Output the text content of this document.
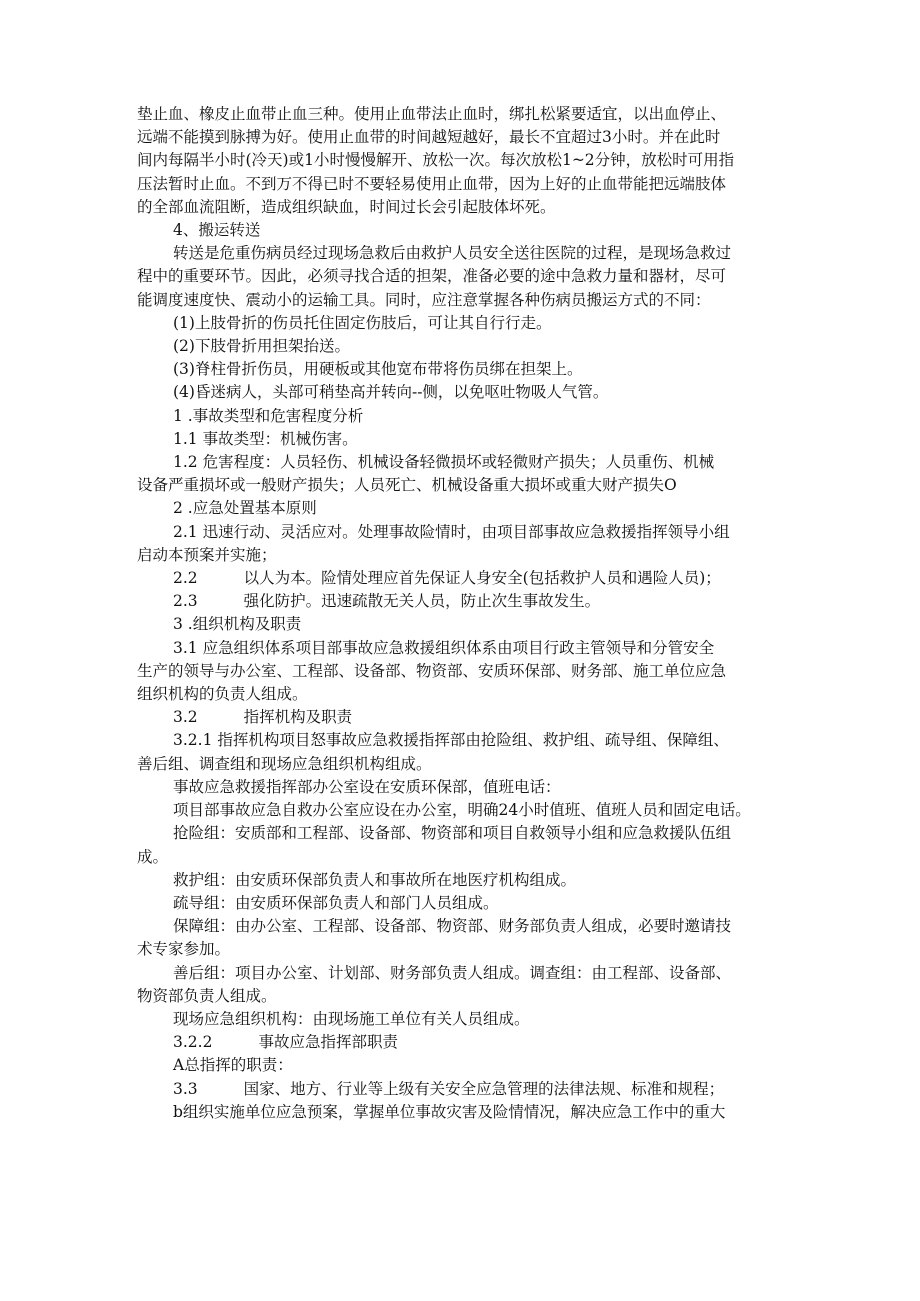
垫止血、橡皮止血带止血三种。使用止血带法止血时，绑扎松紧要适宜，以出血停止、

远端不能摸到脉搏为好。使用止血带的时间越短越好，最长不宜超过3小时。并在此时

间内每隔半小时(冷天)或1小时慢慢解开、放松一次。每次放松1~2分钟，放松时可用指

压法暂时止血。不到万不得已时不要轻易使用止血带，因为上好的止血带能把远端肢体

的全部血流阻断，造成组织缺血，时间过长会引起肢体坏死。

4、搬运转送

转送是危重伤病员经过现场急救后由救护人员安全送往医院的过程，是现场急救过

程中的重要环节。因此，必须寻找合适的担架，准备必要的途中急救力量和器材，尽可

能调度速度快、震动小的运输工具。同时，应注意掌握各种伤病员搬运方式的不同：

(1)上肢骨折的伤员托住固定伤肢后，可让其自行行走。

(2)下肢骨折用担架抬送。

(3)脊柱骨折伤员，用硬板或其他宽布带将伤员绑在担架上。

(4)昏迷病人，头部可稍垫高并转向--侧，以免呕吐物吸人气管。

1 .事故类型和危害程度分析

1.1 事故类型：机械伤害。

1.2 危害程度：人员轻伤、机械设备轻微损坏或轻微财产损失；人员重伤、机械

设备严重损坏或一般财产损失；人员死亡、机械设备重大损坏或重大财产损失O

2 .应急处置基本原则

2.1 迅速行动、灵活应对。处理事故险情时，由项目部事故应急救援指挥领导小组

启动本预案并实施；

2.2	以人为本。险情处理应首先保证人身安全(包括救护人员和遇险人员)；

2.3	强化防护。迅速疏散无关人员，防止次生事故发生。

3 .组织机构及职责

3.1 应急组织体系项目部事故应急救援组织体系由项目行政主管领导和分管安全

生产的领导与办公室、工程部、设备部、物资部、安质环保部、财务部、施工单位应急

组织机构的负责人组成。

3.2	指挥机构及职责

3.2.1 指挥机构项目怒事故应急救援指挥部由抢险组、救护组、疏导组、保障组、

善后组、调查组和现场应急组织机构组成。

事故应急救援指挥部办公室设在安质环保部，值班电话：

项目部事故应急自救办公室应设在办公室，明确24小时值班、值班人员和固定电话。

抢险组：安质部和工程部、设备部、物资部和项目自救领导小组和应急救援队伍组

成。

救护组：由安质环保部负责人和事故所在地医疗机构组成。

疏导组：由安质环保部负责人和部门人员组成。

保障组：由办公室、工程部、设备部、物资部、财务部负责人组成，必要时邀请技

术专家参加。

善后组：项目办公室、计划部、财务部负责人组成。调查组：由工程部、设备部、

物资部负责人组成。

现场应急组织机构：由现场施工单位有关人员组成。

3.2.2	事故应急指挥部职责

A总指挥的职责：

3.3	国家、地方、行业等上级有关安全应急管理的法律法规、标准和规程；

b组织实施单位应急预案，掌握单位事故灾害及险情情况，解决应急工作中的重大
